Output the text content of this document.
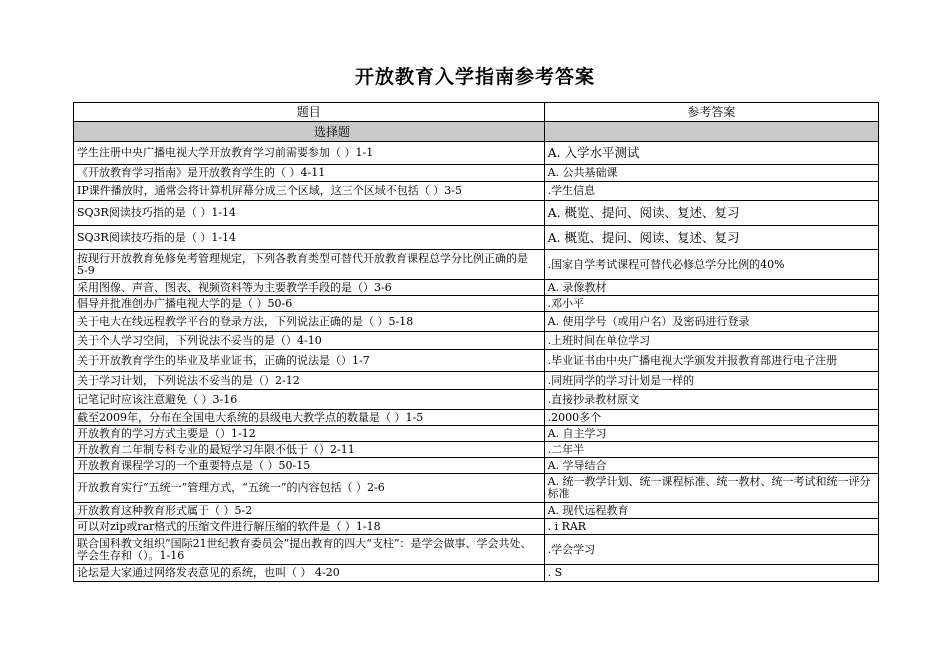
开放教育入学指南参考答案
题目	参考答案
选择题	
学生注册中央广播电视大学开放教育学习前需要参加（ ）1-1	A. 入学水平测试
《开放教育学习指南》是开放教育学生的（ ）4-11	A. 公共基础课
IP课件播放时，通常会将计算机屏幕分成三个区域，这三个区域不包括（ ）3-5	.学生信息
SQ3R阅读技巧指的是（ ）1-14	A. 概览、提问、阅读、复述、复习
SQ3R阅读技巧指的是（ ）1-14	A. 概览、提问、阅读、复述、复习
按现行开放教育免修免考管理规定，下列各教育类型可替代开放教育课程总学分比例正确的是 5-9	.国家自学考试课程可替代必修总学分比例的40%
采用图像、声音、图表、视频资料等为主要教学手段的是（）3-6	A. 录像教材
倡导并批准创办广播电视大学的是（ ）50-6	.邓小平
关于电大在线远程教学平台的登录方法，下列说法正确的是（ ）5-18	A. 使用学号（或用户名）及密码进行登录
关于个人学习空间，下列说法不妥当的是（）4-10	.上班时间在单位学习
关于开放教育学生的毕业及毕业证书，正确的说法是（）1-7	.毕业证书由中央广播电视大学颁发并报教育部进行电子注册
关于学习计划，下列说法不妥当的是（）2-12	.同班同学的学习计划是一样的
记笔记时应该注意避免（ ）3-16	.直接抄录教材原文
截至2009年，分布在全国电大系统的县级电大教学点的数量是（ ）1-5	.2000多个
开放教育的学习方式主要是（）1-12	A. 自主学习
开放教育二年制专科专业的最短学习年限不低于（）2-11	.二年半
开放教育课程学习的一个重要特点是（ ）50-15	A. 学导结合
开放教育实行“五统一”管理方式，“五统一”的内容包括（ ）2-6	A. 统一教学计划、统一课程标准、统一教材、统一考试和统一评分标准
开放教育这种教育形式属于（ ）5-2	A. 现代远程教育
可以对zip或rar格式的压缩文件进行解压缩的软件是（ ）1-18	. i RAR
联合国科教文组织“国际21世纪教育委员会”提出教育的四大“支柱”：是学会做事、学会共处、学会生存和（）。1-16	.学会学习
论坛是大家通过网络发表意见的系统，也叫（ ） 4-20	. S
